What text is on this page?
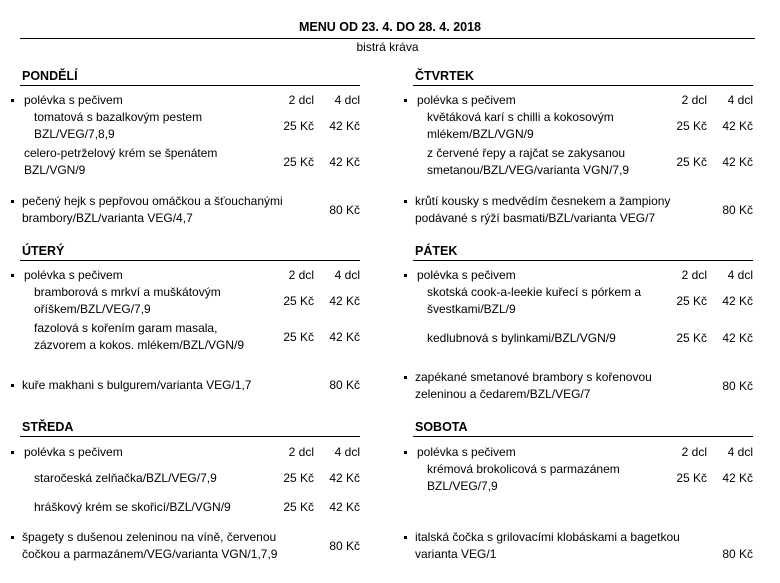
MENU OD 23. 4. DO 28. 4. 2018
bistrá kráva
PONDĚLÍ
polévka s pečivem	2 dcl	4 dcl
tomatová s bazalkovým pestem
BZL/VEG/7,8,9
25 Kč	42 Kč
celero-petrželový krém se špenátem
BZL/VGN/9
25 Kč	42 Kč
pečený hejk s pepřovou omáčkou a šťouchanými
brambory/BZL/varianta VEG/4,7
80 Kč
ÚTERÝ
polévka s pečivem	2 dcl	4 dcl
bramborová s mrkví a muškátovým
oříškem/BZL/VEG/7,9
25 Kč	42 Kč
fazolová s kořením garam masala,
zázvorem a kokos. mlékem/BZL/VGN/9
25 Kč	42 Kč
kuře makhani s bulgurem/varianta VEG/1,7	80 Kč
STŘEDA
polévka s pečivem	2 dcl	4 dcl
staročeská zelňačka/BZL/VEG/7,9	25 Kč	42 Kč
hráškový krém se skořicí/BZL/VGN/9	25 Kč	42 Kč
špagety s dušenou zeleninou na víně, červenou
čočkou a parmazánem/VEG/varianta VGN/1,7,9
80 Kč
ČTVRTEK
polévka s pečivem	2 dcl	4 dcl
květáková karí s chilli a kokosovým
mlékem/BZL/VGN/9
25 Kč	42 Kč
z červené řepy a rajčat se zakysanou
smetanou/BZL/VEG/varianta VGN/7,9
25 Kč	42 Kč
krůtí kousky s medvědím česnekem a žampiony
podávané s rýží basmati/BZL/varianta VEG/7
80 Kč
PÁTEK
polévka s pečivem	2 dcl	4 dcl
skotská cook-a-leekie kuřecí s pórkem a
švestkami/BZL/9
25 Kč	42 Kč
kedlubnová s bylinkami/BZL/VGN/9	25 Kč	42 Kč
zapékané smetanové brambory s kořenovou
zeleninou a čedarem/BZL/VEG/7
80 Kč
SOBOTA
polévka s pečivem	2 dcl	4 dcl
krémová brokolicová s parmazánem
BZL/VEG/7,9
25 Kč	42 Kč
italská čočka s grilovacími klobáskami a bagetkou
varianta VEG/1	80 Kč
